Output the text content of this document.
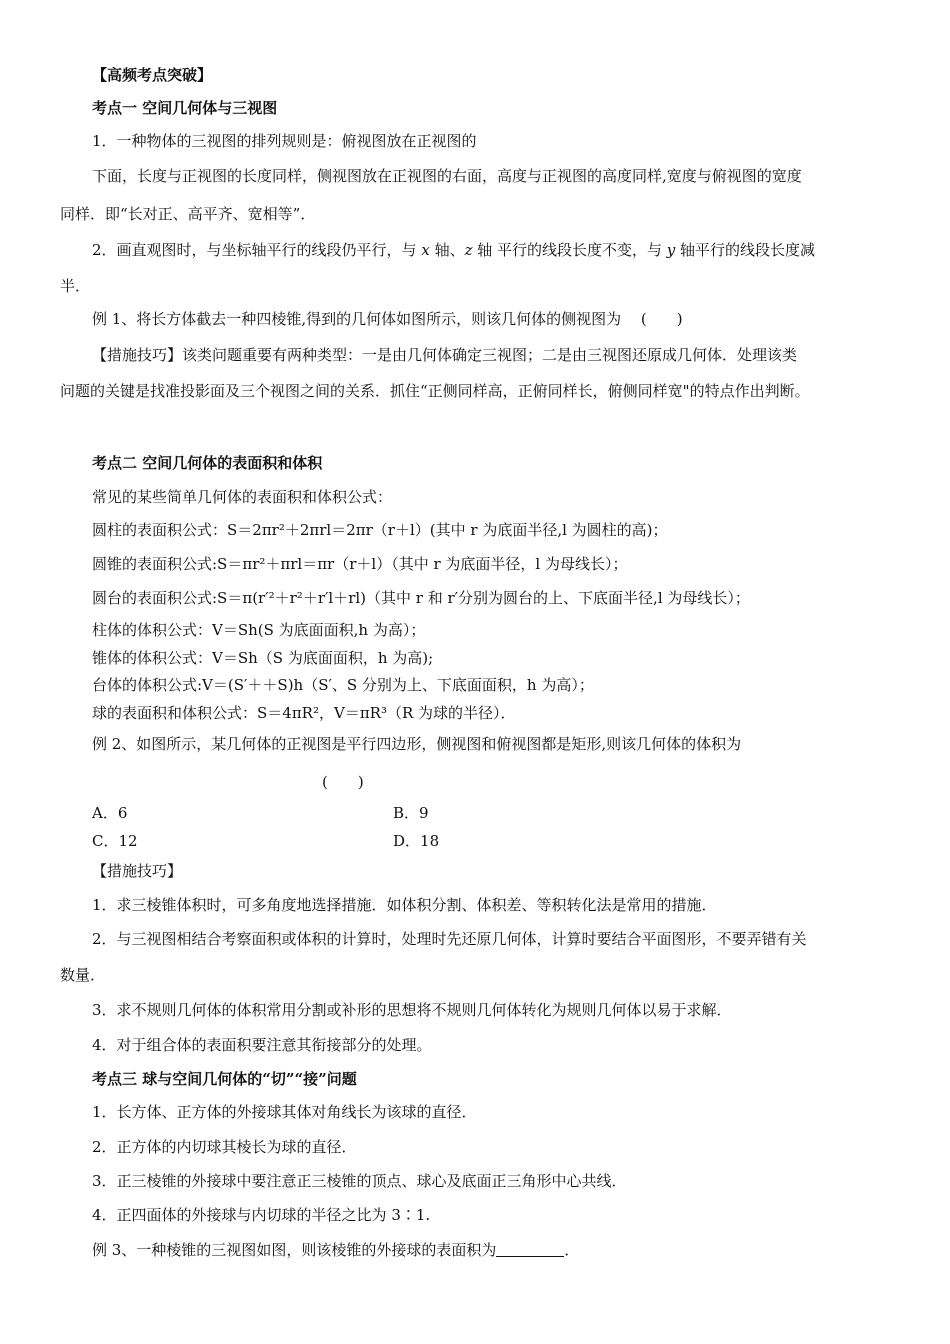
【高频考点突破】
考点一 空间几何体与三视图
1．一种物体的三视图的排列规则是：俯视图放在正视图的
下面，长度与正视图的长度同样，侧视图放在正视图的右面，高度与正视图的高度同样,宽度与俯视图的宽度
同样．即“长对正、高平齐、宽相等”．
2．画直观图时，与坐标轴平行的线段仍平行，与 x 轴、z 轴 平行的线段长度不变，与 y 轴平行的线段长度减
半．
例 1、将长方体截去一种四棱锥,得到的几何体如图所示，则该几何体的侧视图为　 (　　)
【措施技巧】该类问题重要有两种类型：一是由几何体确定三视图；二是由三视图还原成几何体．处理该类
问题的关键是找准投影面及三个视图之间的关系．抓住“正侧同样高，正俯同样长，俯侧同样宽"的特点作出判断。
考点二 空间几何体的表面积和体积
常见的某些简单几何体的表面积和体积公式：
圆柱的表面积公式：S＝2πr²＋2πrl＝2πr（r＋l）(其中 r 为底面半径,l 为圆柱的高)；
圆锥的表面积公式:S＝πr²＋πrl＝πr（r＋l）（其中 r 为底面半径，l 为母线长）；
圆台的表面积公式:S＝π(r′²＋r²＋r′l＋rl)（其中 r 和 r′分别为圆台的上、下底面半径,l 为母线长）；
柱体的体积公式：V＝Sh(S 为底面面积,h 为高）；
锥体的体积公式：V＝Sh（S 为底面面积，h 为高);
台体的体积公式:V＝(S′＋＋S)h（S′、S 分别为上、下底面面积，h 为高）；
球的表面积和体积公式：S＝4πR²，V＝πR³（R 为球的半径）．
例 2、如图所示，某几何体的正视图是平行四边形，侧视图和俯视图都是矩形,则该几何体的体积为
(　　)
A．6	B．9
C．12	D．18
【措施技巧】
1．求三棱锥体积时，可多角度地选择措施．如体积分割、体积差、等积转化法是常用的措施．
2．与三视图相结合考察面积或体积的计算时，处理时先还原几何体，计算时要结合平面图形，不要弄错有关
数量．
3．求不规则几何体的体积常用分割或补形的思想将不规则几何体转化为规则几何体以易于求解．
4．对于组合体的表面积要注意其衔接部分的处理。
考点三 球与空间几何体的“切”“接”问题
1．长方体、正方体的外接球其体对角线长为该球的直径．
2．正方体的内切球其棱长为球的直径．
3．正三棱锥的外接球中要注意正三棱锥的顶点、球心及底面正三角形中心共线．
4．正四面体的外接球与内切球的半径之比为 3∶1.
例 3、一种棱锥的三视图如图，则该棱锥的外接球的表面积为	．
